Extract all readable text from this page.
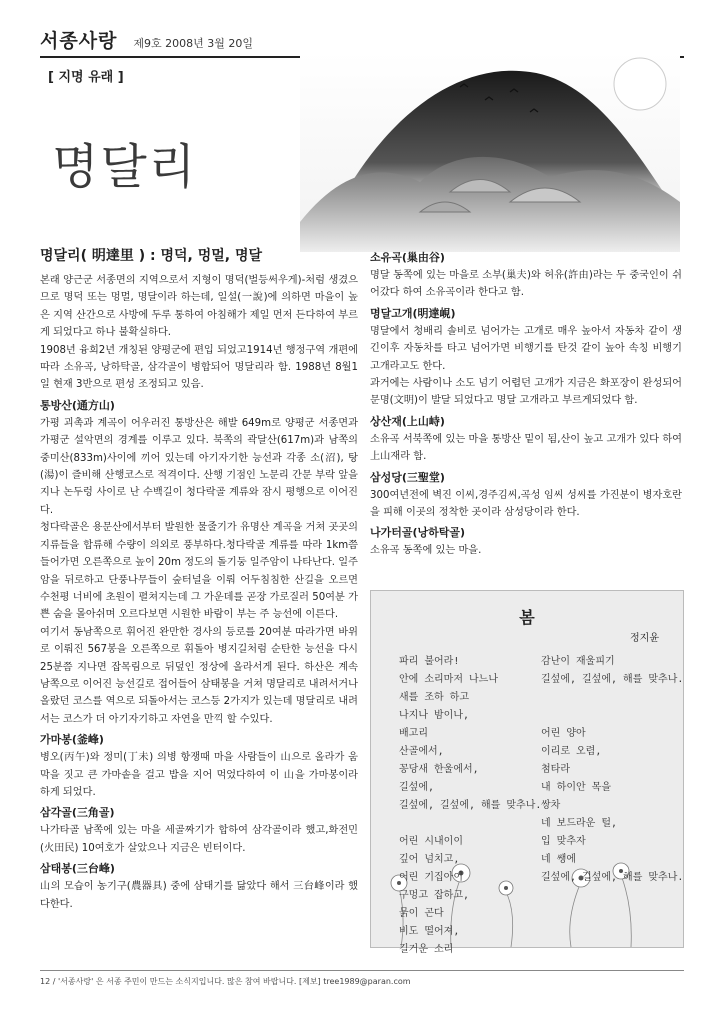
서종사랑 제9호 2008년 3월 20일
[ 지명 유래 ]
명달리
명달리( 明達里 ) : 명덕, 멍멀, 명달

본래 양근군 서종면의 지역으로서 지형이 명덕(벌등써우게)-처럼 생겼으므로 명덕 또는 멍멀, 명달이라 하는데, 일설(一說)에 의하면 마을이 높은 지역 산간으로 사방에 두루 통하여 아침해가 제일 먼저 든다하여 부르게 되었다고 하나 불확실하다.

1908년 융희2년 개칭된 양평군에 편입 되었고1914년 행정구역 개편에 따라 소유곡, 낭하탁골, 삼각골이 병합되어 명달리라 함. 1988년 8월1일 현재 3반으로 편성 조정되고 있음.

통방산(通方山)

가평 괴촉과 계곡이 어우러진 통방산은 해발 649m로 양평군 서종면과 가평군 설악면의 경계를 이루고 있다. 북쪽의 곽달산(617m)과 남쪽의 중미산(833m)사이에 끼어 있는데 아기자기한 능선과 각종 소(沼), 탕(湯)이 즐비해 산행코스로 적격이다. 산행 기점인 노문리 간문 부락 앞을 지나 논두렁 사이로 난 수백길이 청다락골 계류와 잠시 평행으로 이어진다.

청다락골은 용문산에서부터 발원한 물줄기가 유명산 계곡을 거쳐 곳곳의 지류들을 합류해 수량이 의외로 풍부하다.청다락골 계류를 따라 1km쯤 들어가면 오른쪽으로 높이 20m 정도의 돌기둥 일주암이 나타난다. 일주암을 뒤로하고 단풍나무들이 숲터널을 이뤄 어두침침한 산길을 오르면 수천평 너비에 초원이 펼쳐지는데 그 가운데를 곧장 가로질러 50여분 가쁜 숨을 몰아쉬며 오르다보면 시원한 바람이 부는 주 능선에 이른다.

여기서 동남쪽으로 휘어진 완만한 경사의 등로를 20여분 따라가면 바위로 이뤄진 567봉을 오른쪽으로 휘돌아 병지길처럼 순탄한 능선을 다시 25분쯤 지나면 잡목림으로 뒤덮인 정상에 올라서게 된다. 하산은 계속 남쪽으로 이어진 능선길로 접어들어 삼태봉을 거쳐 명달리로 내려서거나 올랐던 코스를 역으로 되돌아서는 코스등 2가지가 있는데 명달리로 내려서는 코스가 더 아기자기하고 자연을 만끽 할 수있다.

가마봉(釜峰)

병오(丙午)와 정미(丁未) 의병 항쟁때 마을 사람들이 山으로 올라가 움막을 짓고 큰 가마솥을 걸고 밥을 지어 먹었다하여 이 山을 가마봉이라 하게 되었다.

삼각골(三角골)

나가타골 남쪽에 있는 마을 세골짜기가 합하여 삼각골이라 했고,화전민(火田民) 10여호가 살았으나 지금은 빈터이다.

삼태봉(三台峰)

山의 모습이 농기구(農器具) 중에 삼태기를 닮았다 해서 三台峰이라 했다한다.

소유곡(巢由谷)

명달 동쪽에 있는 마을로 소부(巢夫)와 허유(許由)라는 두 중국인이 쉬어갔다 하여 소유곡이라 한다고 함.

명달고개(明達峴)

명달에서 청배리 솔비로 넘어가는 고개로 매우 높아서 자동차 같이 생긴이후 자동차를 타고 넘어가면 비행기를 탄것 같이 높아 속칭 비행기 고개라고도 한다.

과거에는 사람이나 소도 넘기 어렵던 고개가 지금은 화포장이 완성되어 문명(文明)이 발달 되었다고 명달 고개라고 부르게되었다 함.

상산재(上山峙)

소유곡 서북쪽에 있는 마을 통방산 밑이 됨,산이 높고 고개가 있다 하여上山재라 함.

삼성당(三聖堂)

300여년전에 벽진 이씨,경주김씨,곡성 임씨 성씨를 가진분이 병자호란을 피해 이곳의 정착한 곳이라 삼성당이라 한다.

나가터골(낭하탁골)

소유곡 동쪽에 있는 마을.

봄
정지윤
파리 불어라!
안에 소리마저 나느나
새를 조하 하고
나지나 밤이나,
배고리
산골에서,
꽁당새 한울에서,
길섶에,
길섶에, 길섶에, 해를 맞추나.

어린 시내이이
깊어 넘치고,
어린 기집아이
구멍고 잡하고,
묽이 곤다
비도 떨어져,
길거운 소리
감난이 재울피기
길섶에, 길섶에, 해를 맞추나.

어린 양아
이리로 오렴,
첨타라
내 하이안 목을
쌍차
네 보드라운 털,
입 맞추자
네 쌩에
길섶에, 길섶에, 해를 맞추나.
12 / '서종사랑' 은 서종 주민이 만드는 소식지입니다. 많은 참여 바랍니다. [제보] tree1989@paran.com
